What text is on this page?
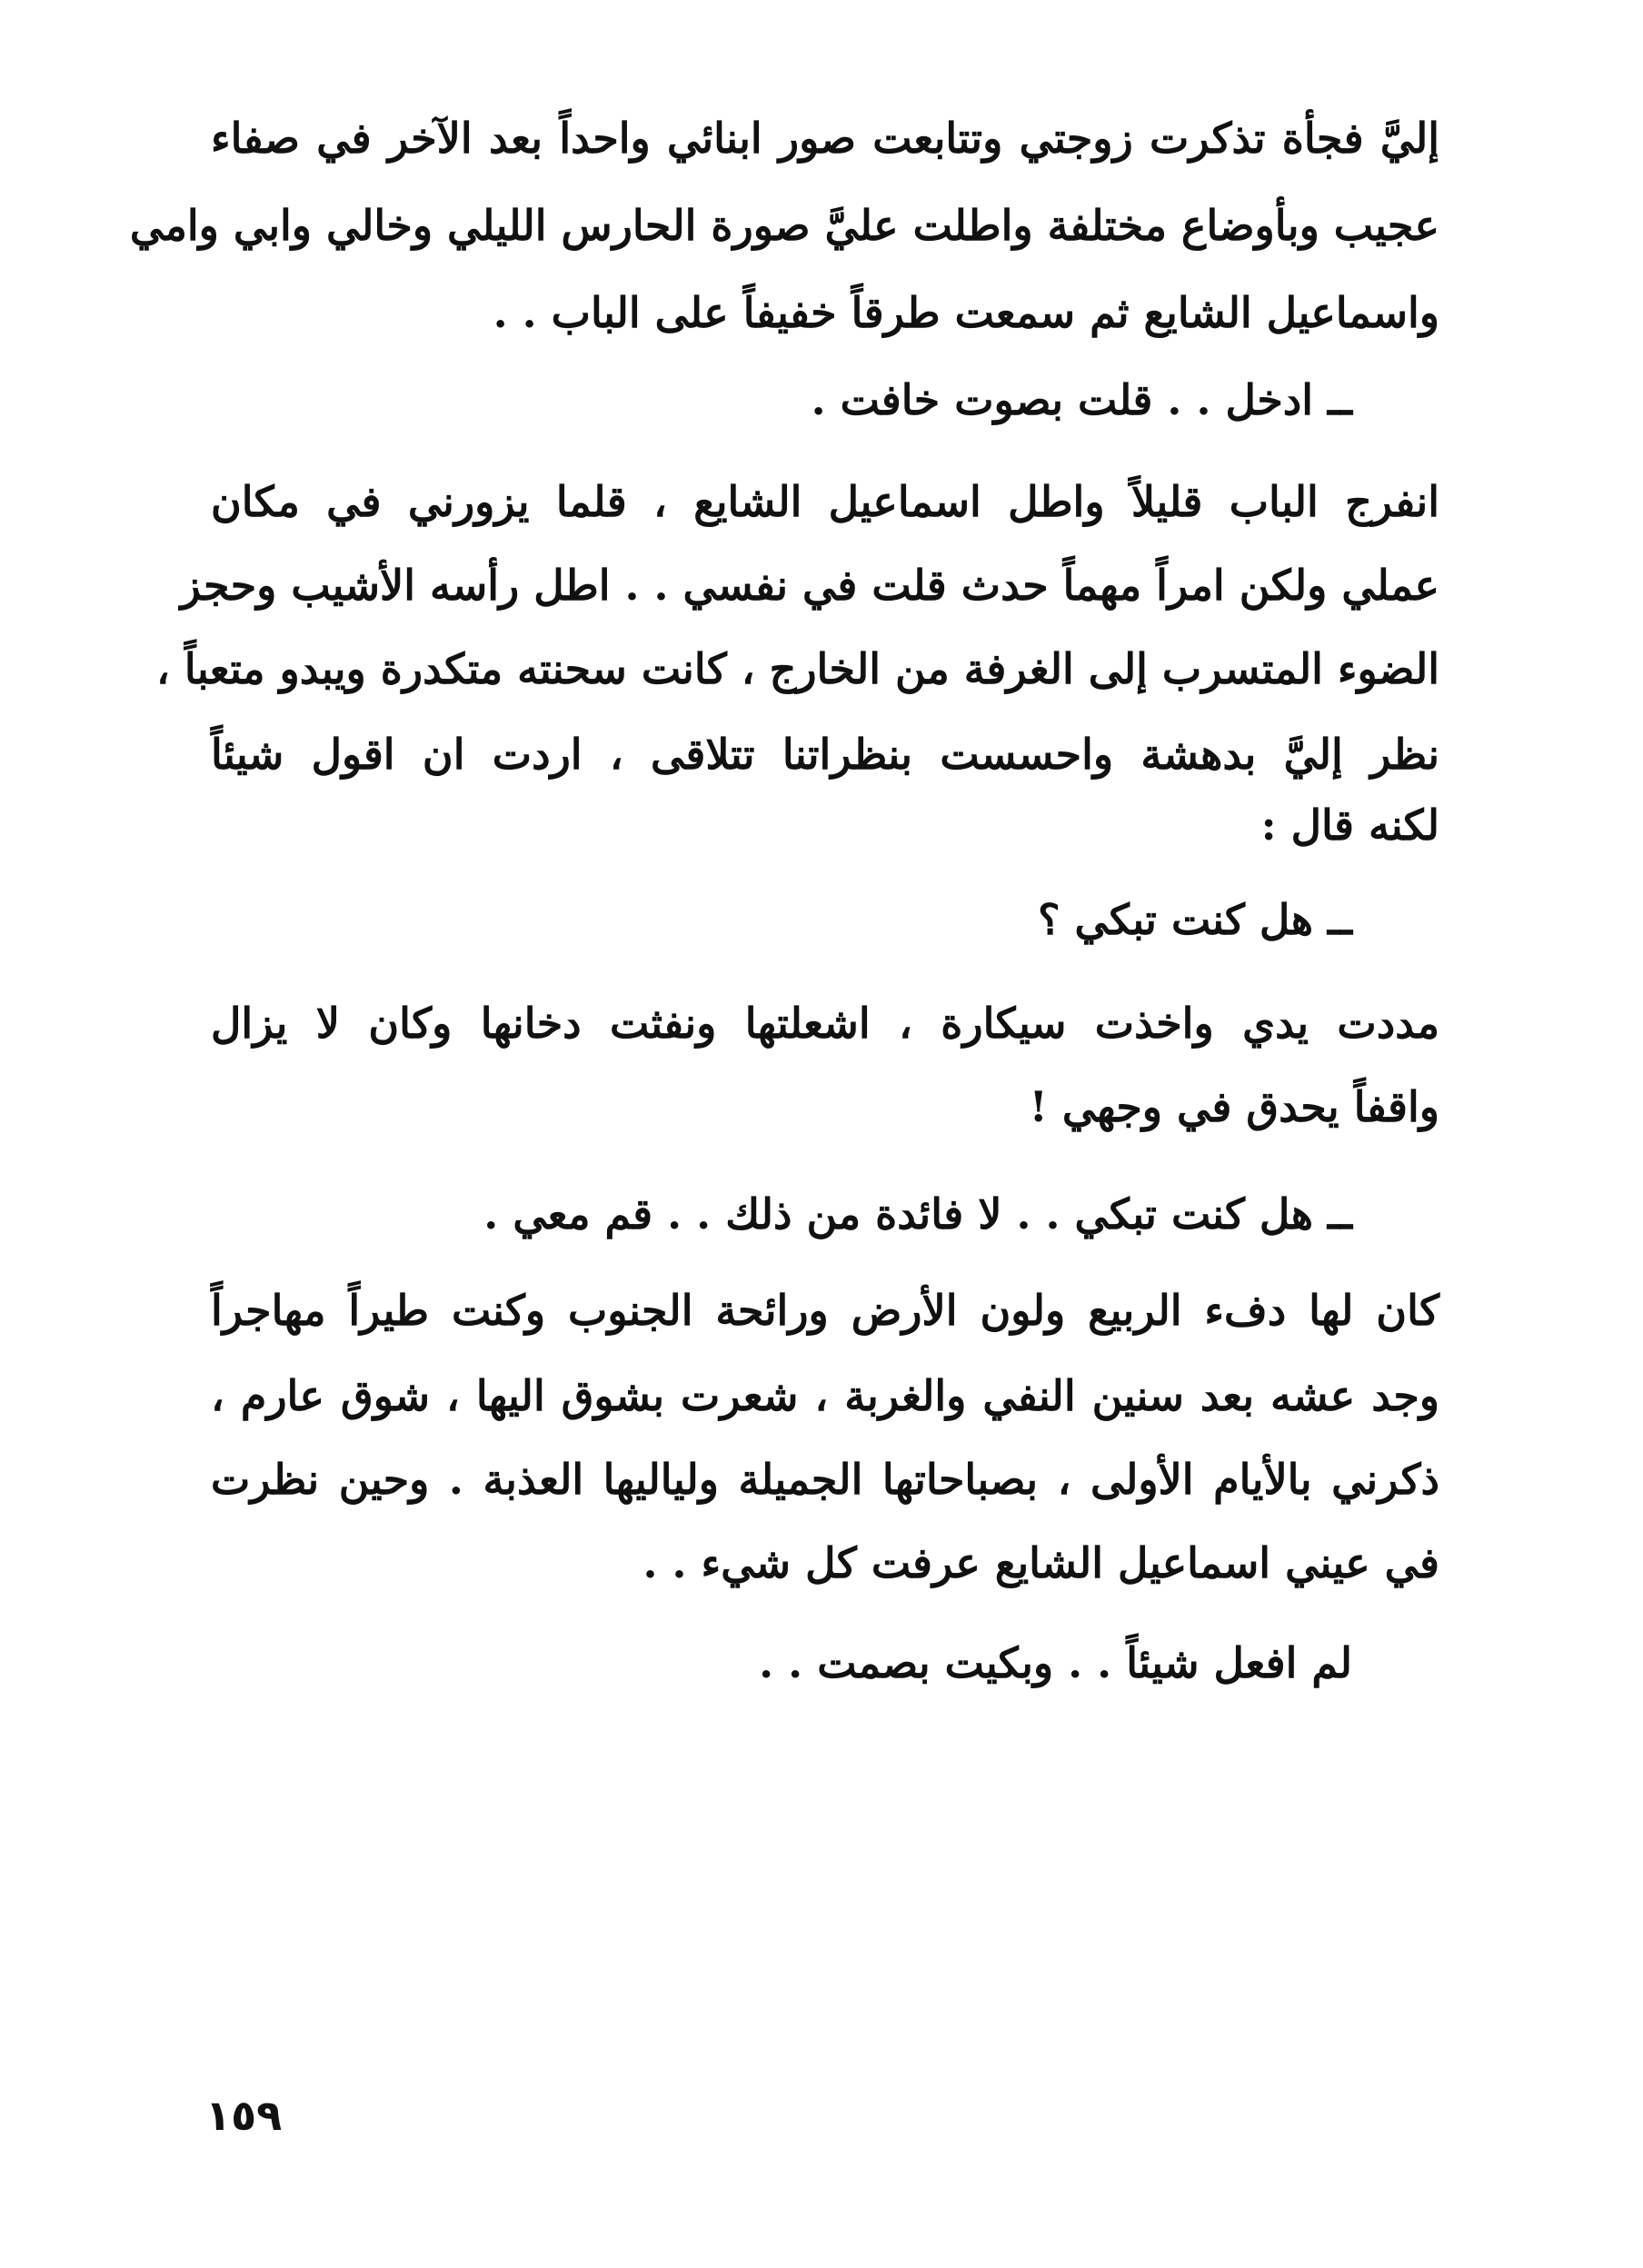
إليَّ فجأة تذكرت زوجتي وتتابعت صور ابنائي واحداً بعد الآخر في صفاء
عجيب وبأوضاع مختلفة واطلت عليَّ صورة الحارس الليلي وخالي وابي وامي
واسماعيل الشايع ثم سمعت طرقاً خفيفاً على الباب . .
ــ ادخل . . قلت بصوت خافت .
انفرج الباب قليلاً واطل اسماعيل الشايع ، قلما يزورني في مكان
عملي ولكن امراً مهماً حدث قلت في نفسي . . اطل رأسه الأشيب وحجز
الضوء المتسرب إلى الغرفة من الخارج ، كانت سحنته متكدرة ويبدو متعباً ،
نظر إليَّ بدهشة واحسست بنظراتنا تتلاقى ، اردت ان اقول شيئاً
لكنه قال :
ــ هل كنت تبكي ؟
مددت يدي واخذت سيكارة ، اشعلتها ونفثت دخانها وكان لا يزال
واقفاً يحدق في وجهي !
ــ هل كنت تبكي . . لا فائدة من ذلك . . قم معي .
كان لها دفء الربيع ولون الأرض ورائحة الجنوب وكنت طيراً مهاجراً
وجد عشه بعد سنين النفي والغربة ، شعرت بشوق اليها ، شوق عارم ،
ذكرني بالأيام الأولى ، بصباحاتها الجميلة ولياليها العذبة . وحين نظرت
في عيني اسماعيل الشايع عرفت كل شيء . .
لم افعل شيئاً . . وبكيت بصمت . .
١٥٩
